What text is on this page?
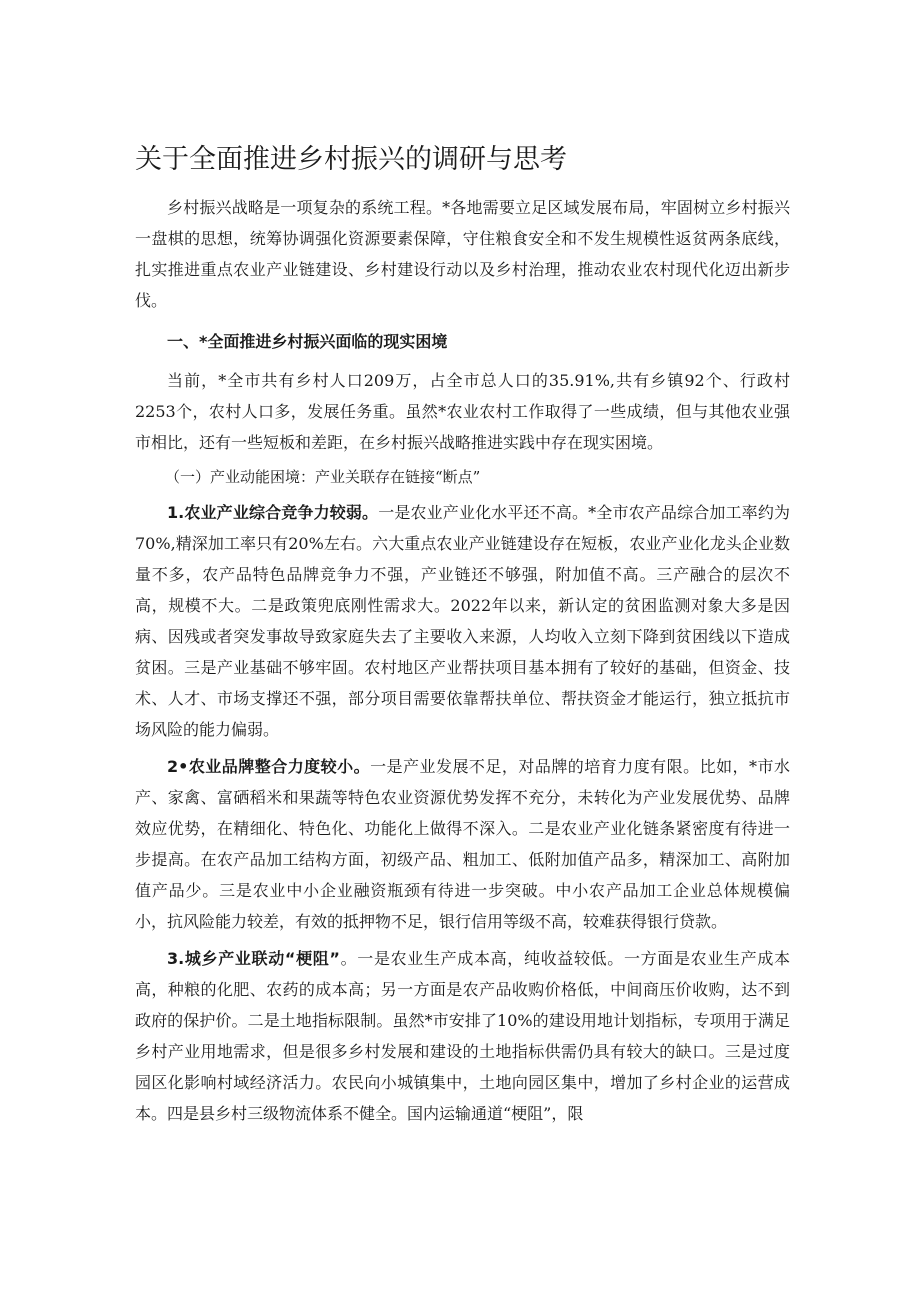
关于全面推进乡村振兴的调研与思考

乡村振兴战略是一项复杂的系统工程。*各地需要立足区域发展布局，牢固树立乡村振兴一盘棋的思想，统筹协调强化资源要素保障，守住粮食安全和不发生规模性返贫两条底线，扎实推进重点农业产业链建设、乡村建设行动以及乡村治理，推动农业农村现代化迈出新步伐。

一、*全面推进乡村振兴面临的现实困境

当前，*全市共有乡村人口209万，占全市总人口的35.91%,共有乡镇92个、行政村2253个，农村人口多，发展任务重。虽然*农业农村工作取得了一些成绩，但与其他农业强市相比，还有一些短板和差距，在乡村振兴战略推进实践中存在现实困境。

（一）产业动能困境：产业关联存在链接“断点”

1.农业产业综合竞争力较弱。一是农业产业化水平还不高。*全市农产品综合加工率约为70%,精深加工率只有20%左右。六大重点农业产业链建设存在短板，农业产业化龙头企业数量不多，农产品特色品牌竞争力不强，产业链还不够强，附加值不高。三产融合的层次不高，规模不大。二是政策兜底刚性需求大。2022年以来，新认定的贫困监测对象大多是因病、因残或者突发事故导致家庭失去了主要收入来源，人均收入立刻下降到贫困线以下造成贫困。三是产业基础不够牢固。农村地区产业帮扶项目基本拥有了较好的基础，但资金、技术、人才、市场支撑还不强，部分项目需要依靠帮扶单位、帮扶资金才能运行，独立抵抗市场风险的能力偏弱。

2•农业品牌整合力度较小。一是产业发展不足，对品牌的培育力度有限。比如，*市水产、家禽、富硒稻米和果蔬等特色农业资源优势发挥不充分，未转化为产业发展优势、品牌效应优势，在精细化、特色化、功能化上做得不深入。二是农业产业化链条紧密度有待进一步提高。在农产品加工结构方面，初级产品、粗加工、低附加值产品多，精深加工、高附加值产品少。三是农业中小企业融资瓶颈有待进一步突破。中小农产品加工企业总体规模偏小，抗风险能力较差，有效的抵押物不足，银行信用等级不高，较难获得银行贷款。

3.城乡产业联动“梗阻”。一是农业生产成本高，纯收益较低。一方面是农业生产成本高，种粮的化肥、农药的成本高；另一方面是农产品收购价格低，中间商压价收购，达不到政府的保护价。二是土地指标限制。虽然*市安排了10%的建设用地计划指标，专项用于满足乡村产业用地需求，但是很多乡村发展和建设的土地指标供需仍具有较大的缺口。三是过度园区化影响村域经济活力。农民向小城镇集中，土地向园区集中，增加了乡村企业的运营成本。四是县乡村三级物流体系不健全。国内运输通道“梗阻”，限
